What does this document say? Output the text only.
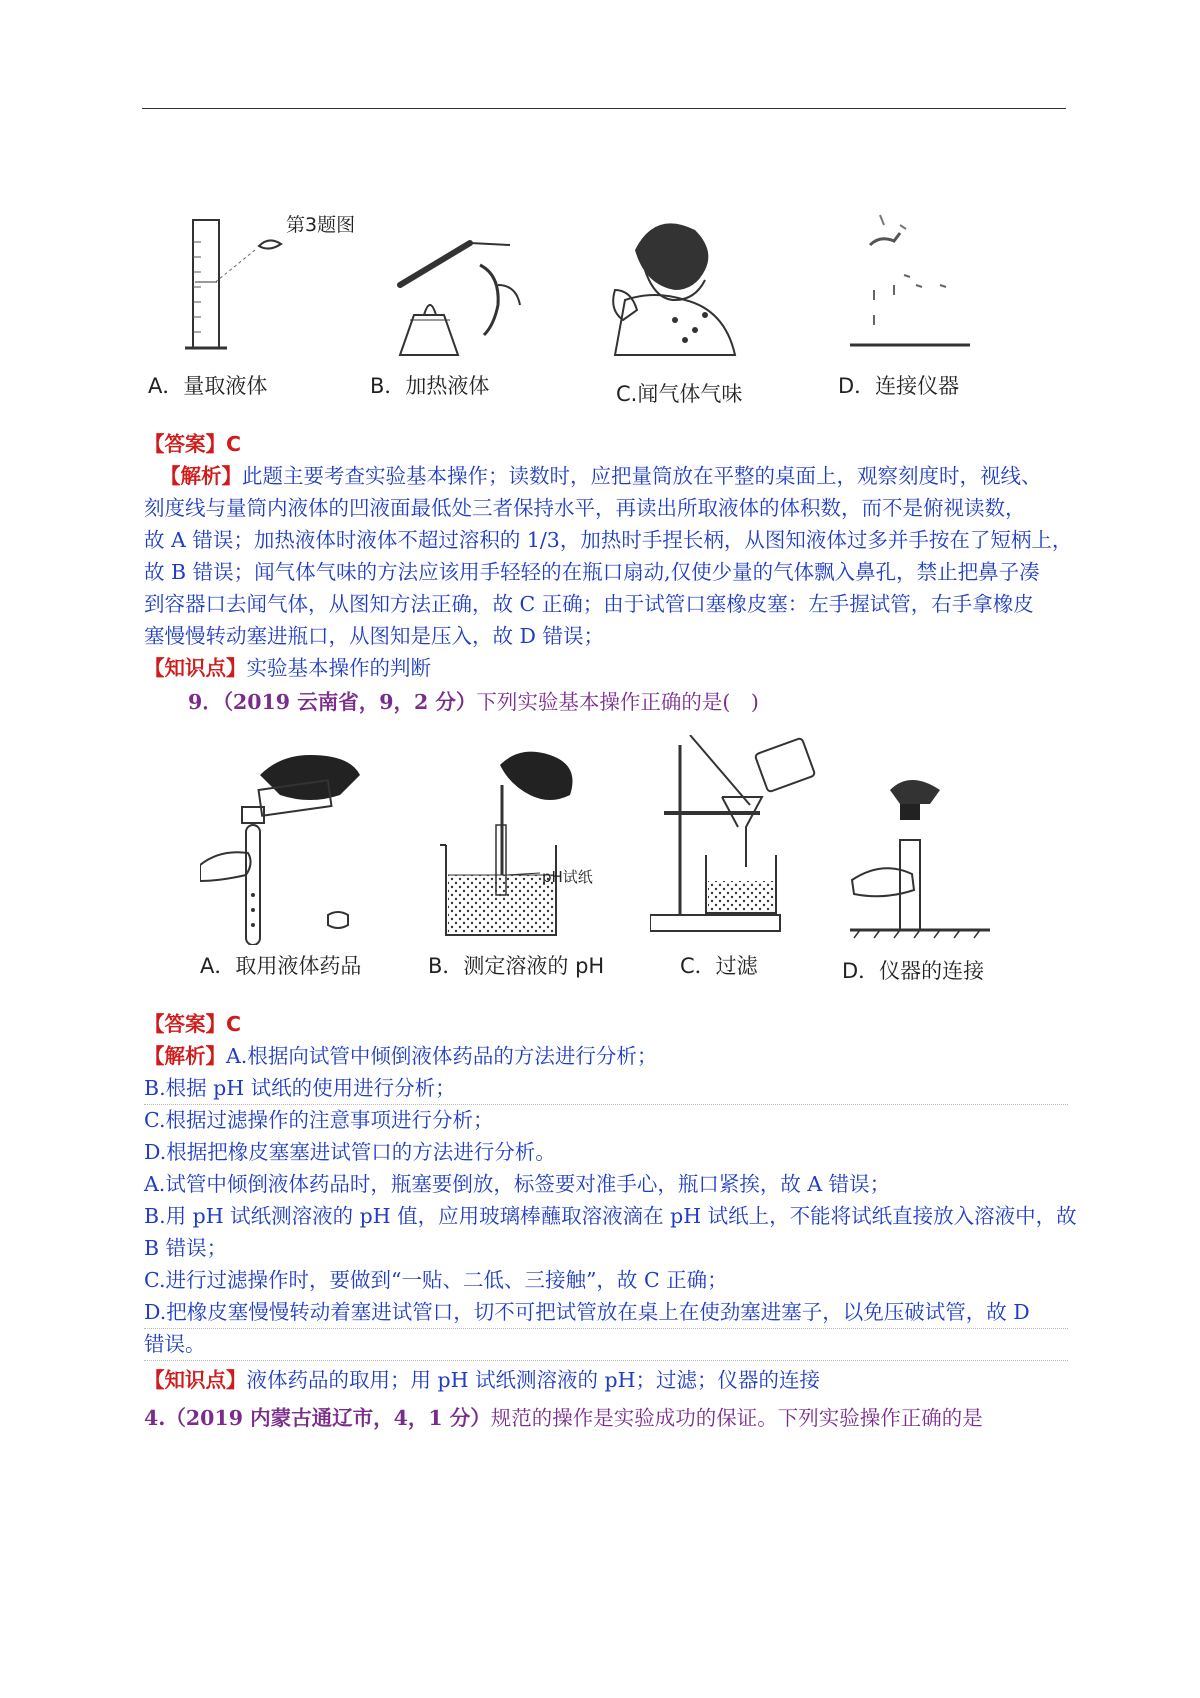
第3题图
A．量取液体	B．加热液体	C.闻气体气味	D．连接仪器
【答案】C
【解析】此题主要考查实验基本操作；读数时，应把量筒放在平整的桌面上，观察刻度时，视线、
刻度线与量筒内液体的凹液面最低处三者保持水平，再读出所取液体的体积数，而不是俯视读数，
故 A 错误；加热液体时液体不超过溶积的 1/3，加热时手捏长柄，从图知液体过多并手按在了短柄上，
故 B 错误；闻气体气味的方法应该用手轻轻的在瓶口扇动,仅使少量的气体飘入鼻孔，禁止把鼻子凑
到容器口去闻气体，从图知方法正确，故 C 正确；由于试管口塞橡皮塞：左手握试管，右手拿橡皮
塞慢慢转动塞进瓶口，从图知是压入，故 D 错误；
【知识点】实验基本操作的判断
9．（2019 云南省，9，2 分）下列实验基本操作正确的是(　)
A．取用液体药品
pH试纸
B．测定溶液的 pH	C．过滤	D．仪器的连接
【答案】C
【解析】A.根据向试管中倾倒液体药品的方法进行分析；
B.根据 pH 试纸的使用进行分析；
C.根据过滤操作的注意事项进行分析；
D.根据把橡皮塞塞进试管口的方法进行分析。
A.试管中倾倒液体药品时，瓶塞要倒放，标签要对准手心，瓶口紧挨，故 A 错误；
B.用 pH 试纸测溶液的 pH 值，应用玻璃棒蘸取溶液滴在 pH 试纸上，不能将试纸直接放入溶液中，故
B 错误；
C.进行过滤操作时，要做到“一贴、二低、三接触”，故 C 正确；
D.把橡皮塞慢慢转动着塞进试管口，切不可把试管放在桌上在使劲塞进塞子，以免压破试管，故 D
错误。
【知识点】液体药品的取用；用 pH 试纸测溶液的 pH；过滤；仪器的连接
4.（2019 内蒙古通辽市，4，1 分）规范的操作是实验成功的保证。下列实验操作正确的是
